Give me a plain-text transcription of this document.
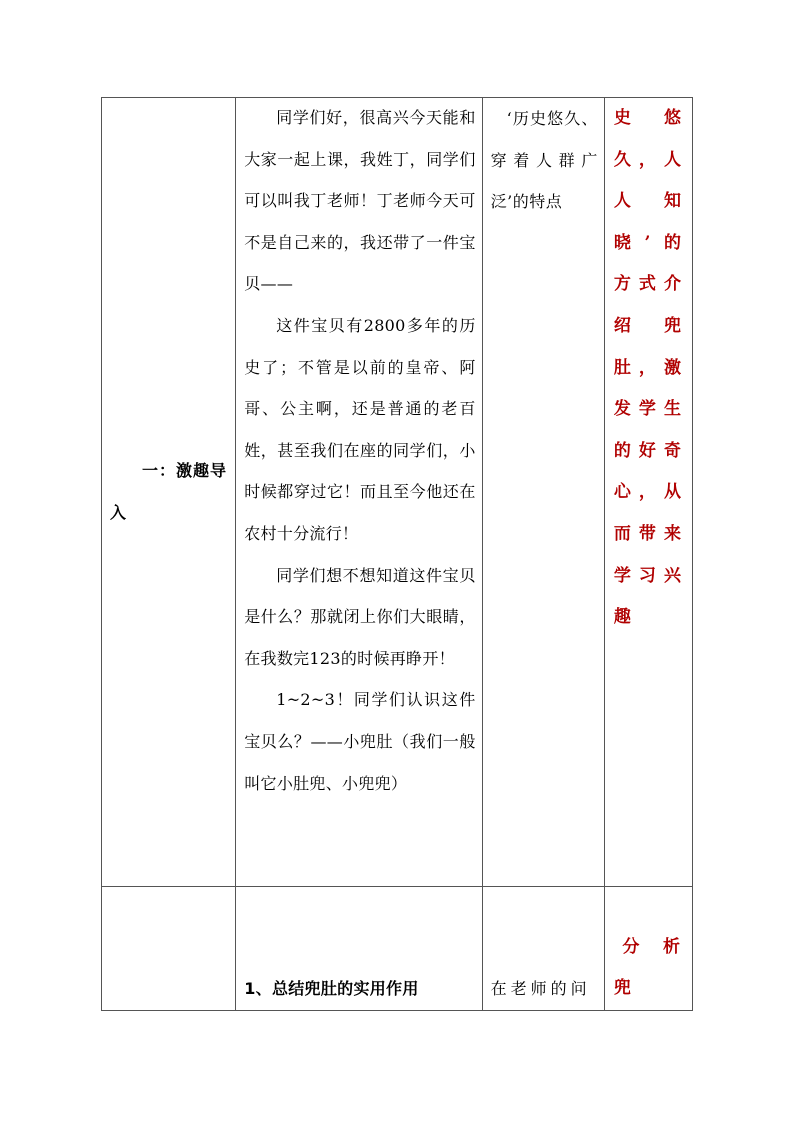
一：激趣导入	同学们好，很高兴今天能和大家一起上课，我姓丁，同学们可以叫我丁老师！丁老师今天可不是自己来的，我还带了一件宝贝——

这件宝贝有2800多年的历史了；不管是以前的皇帝、阿哥、公主啊，还是普通的老百姓，甚至我们在座的同学们，小时候都穿过它！而且至今他还在农村十分流行！

同学们想不想知道这件宝贝是什么？那就闭上你们大眼睛，在我数完123的时候再睁开！

1~2~3！同学们认识这件宝贝么？——小兜肚（我们一般叫它小肚兜、小兜兜）	‘历史悠久、穿着人群广泛’的特点	史悠久，人人知晓’的方式介绍兜肚，激发学生的好奇心，从而带来学习兴趣

	1、总结兜肚的实用作用	在老师的问	分析兜
